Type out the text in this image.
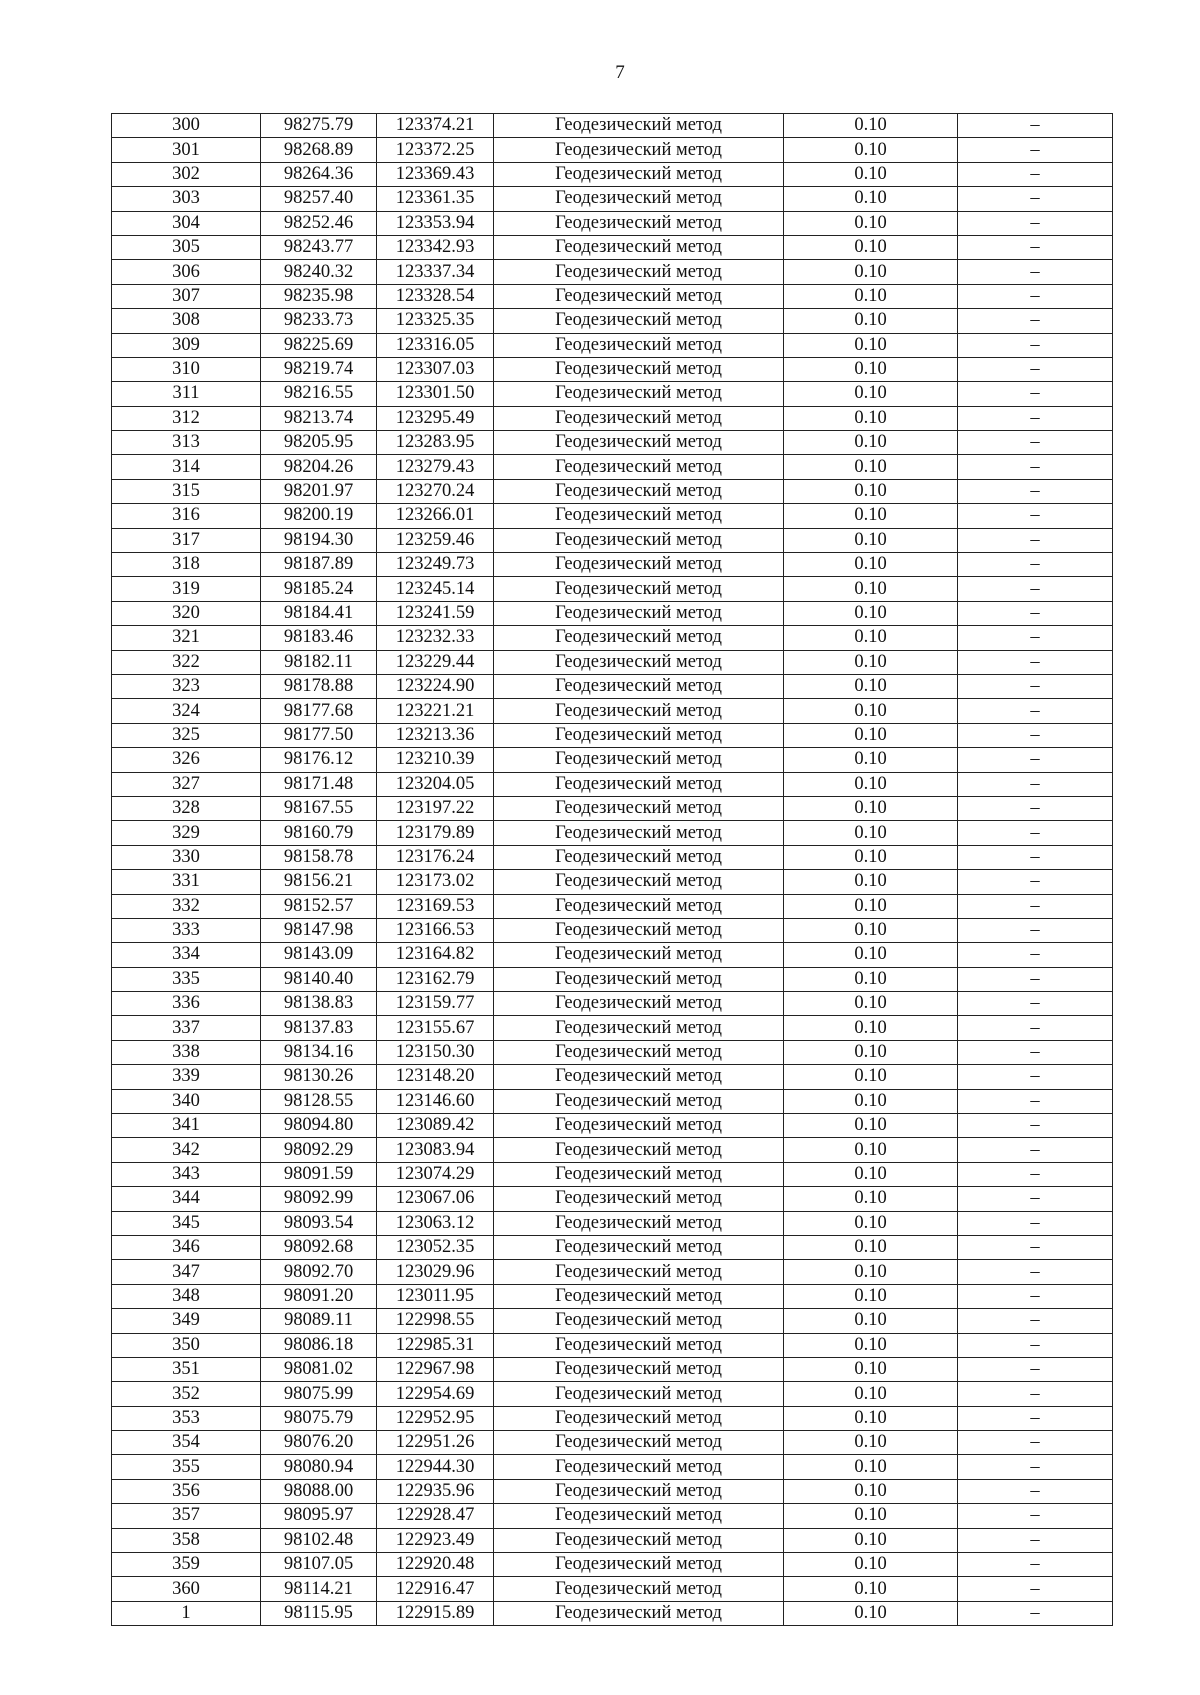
7
300	98275.79	123374.21	Геодезический метод	0.10	–
301	98268.89	123372.25	Геодезический метод	0.10	–
302	98264.36	123369.43	Геодезический метод	0.10	–
303	98257.40	123361.35	Геодезический метод	0.10	–
304	98252.46	123353.94	Геодезический метод	0.10	–
305	98243.77	123342.93	Геодезический метод	0.10	–
306	98240.32	123337.34	Геодезический метод	0.10	–
307	98235.98	123328.54	Геодезический метод	0.10	–
308	98233.73	123325.35	Геодезический метод	0.10	–
309	98225.69	123316.05	Геодезический метод	0.10	–
310	98219.74	123307.03	Геодезический метод	0.10	–
311	98216.55	123301.50	Геодезический метод	0.10	–
312	98213.74	123295.49	Геодезический метод	0.10	–
313	98205.95	123283.95	Геодезический метод	0.10	–
314	98204.26	123279.43	Геодезический метод	0.10	–
315	98201.97	123270.24	Геодезический метод	0.10	–
316	98200.19	123266.01	Геодезический метод	0.10	–
317	98194.30	123259.46	Геодезический метод	0.10	–
318	98187.89	123249.73	Геодезический метод	0.10	–
319	98185.24	123245.14	Геодезический метод	0.10	–
320	98184.41	123241.59	Геодезический метод	0.10	–
321	98183.46	123232.33	Геодезический метод	0.10	–
322	98182.11	123229.44	Геодезический метод	0.10	–
323	98178.88	123224.90	Геодезический метод	0.10	–
324	98177.68	123221.21	Геодезический метод	0.10	–
325	98177.50	123213.36	Геодезический метод	0.10	–
326	98176.12	123210.39	Геодезический метод	0.10	–
327	98171.48	123204.05	Геодезический метод	0.10	–
328	98167.55	123197.22	Геодезический метод	0.10	–
329	98160.79	123179.89	Геодезический метод	0.10	–
330	98158.78	123176.24	Геодезический метод	0.10	–
331	98156.21	123173.02	Геодезический метод	0.10	–
332	98152.57	123169.53	Геодезический метод	0.10	–
333	98147.98	123166.53	Геодезический метод	0.10	–
334	98143.09	123164.82	Геодезический метод	0.10	–
335	98140.40	123162.79	Геодезический метод	0.10	–
336	98138.83	123159.77	Геодезический метод	0.10	–
337	98137.83	123155.67	Геодезический метод	0.10	–
338	98134.16	123150.30	Геодезический метод	0.10	–
339	98130.26	123148.20	Геодезический метод	0.10	–
340	98128.55	123146.60	Геодезический метод	0.10	–
341	98094.80	123089.42	Геодезический метод	0.10	–
342	98092.29	123083.94	Геодезический метод	0.10	–
343	98091.59	123074.29	Геодезический метод	0.10	–
344	98092.99	123067.06	Геодезический метод	0.10	–
345	98093.54	123063.12	Геодезический метод	0.10	–
346	98092.68	123052.35	Геодезический метод	0.10	–
347	98092.70	123029.96	Геодезический метод	0.10	–
348	98091.20	123011.95	Геодезический метод	0.10	–
349	98089.11	122998.55	Геодезический метод	0.10	–
350	98086.18	122985.31	Геодезический метод	0.10	–
351	98081.02	122967.98	Геодезический метод	0.10	–
352	98075.99	122954.69	Геодезический метод	0.10	–
353	98075.79	122952.95	Геодезический метод	0.10	–
354	98076.20	122951.26	Геодезический метод	0.10	–
355	98080.94	122944.30	Геодезический метод	0.10	–
356	98088.00	122935.96	Геодезический метод	0.10	–
357	98095.97	122928.47	Геодезический метод	0.10	–
358	98102.48	122923.49	Геодезический метод	0.10	–
359	98107.05	122920.48	Геодезический метод	0.10	–
360	98114.21	122916.47	Геодезический метод	0.10	–
1	98115.95	122915.89	Геодезический метод	0.10	–
